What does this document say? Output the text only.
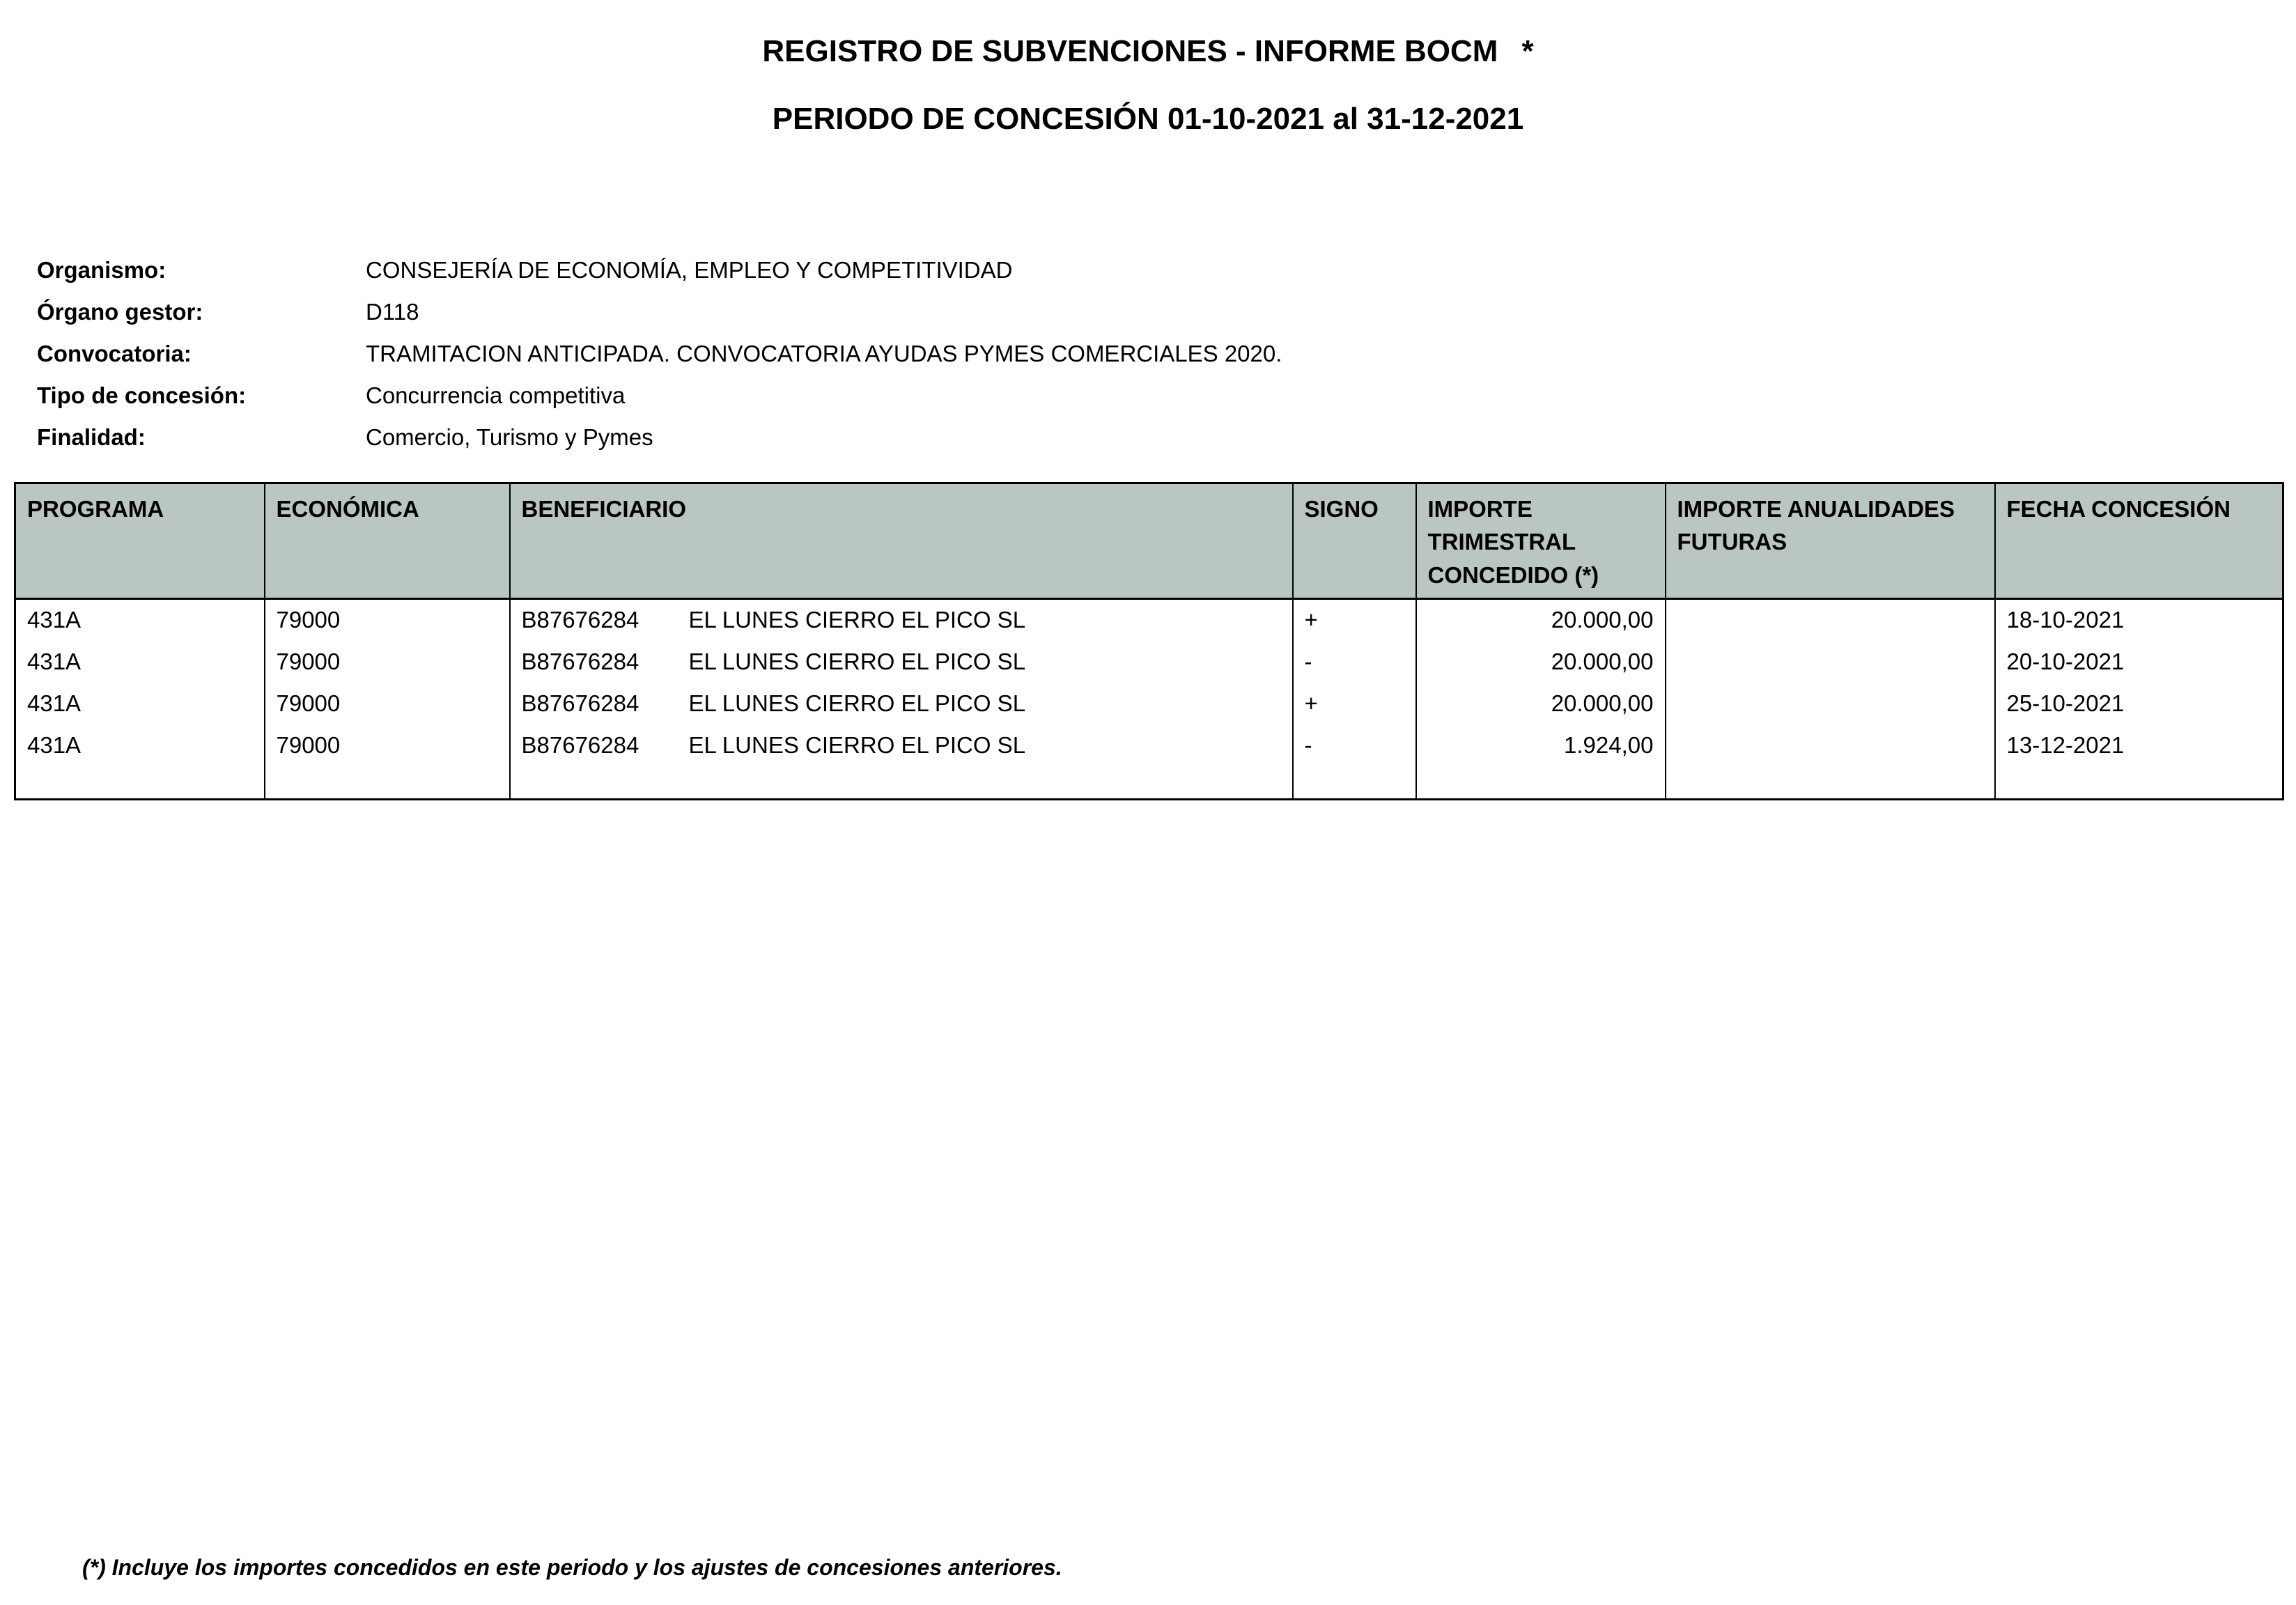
REGISTRO DE SUBVENCIONES - INFORME BOCM *
PERIODO DE CONCESIÓN 01-10-2021 al 31-12-2021
Organismo:	CONSEJERÍA DE ECONOMÍA, EMPLEO Y COMPETITIVIDAD
Órgano gestor:	D118
Convocatoria:	TRAMITACION ANTICIPADA. CONVOCATORIA AYUDAS PYMES COMERCIALES 2020.
Tipo de concesión:	Concurrencia competitiva
Finalidad:	Comercio, Turismo y Pymes
PROGRAMA	ECONÓMICA	BENEFICIARIO	SIGNO	IMPORTE TRIMESTRAL CONCEDIDO (*)	IMPORTE ANUALIDADES FUTURAS	FECHA CONCESIÓN
431A	79000	B87676284 EL LUNES CIERRO EL PICO SL	+	20.000,00		18-10-2021
431A	79000	B87676284 EL LUNES CIERRO EL PICO SL	-	20.000,00		20-10-2021
431A	79000	B87676284 EL LUNES CIERRO EL PICO SL	+	20.000,00		25-10-2021
431A	79000	B87676284 EL LUNES CIERRO EL PICO SL	-	1.924,00		13-12-2021

(*) Incluye los importes concedidos en este periodo y los ajustes de concesiones anteriores.
